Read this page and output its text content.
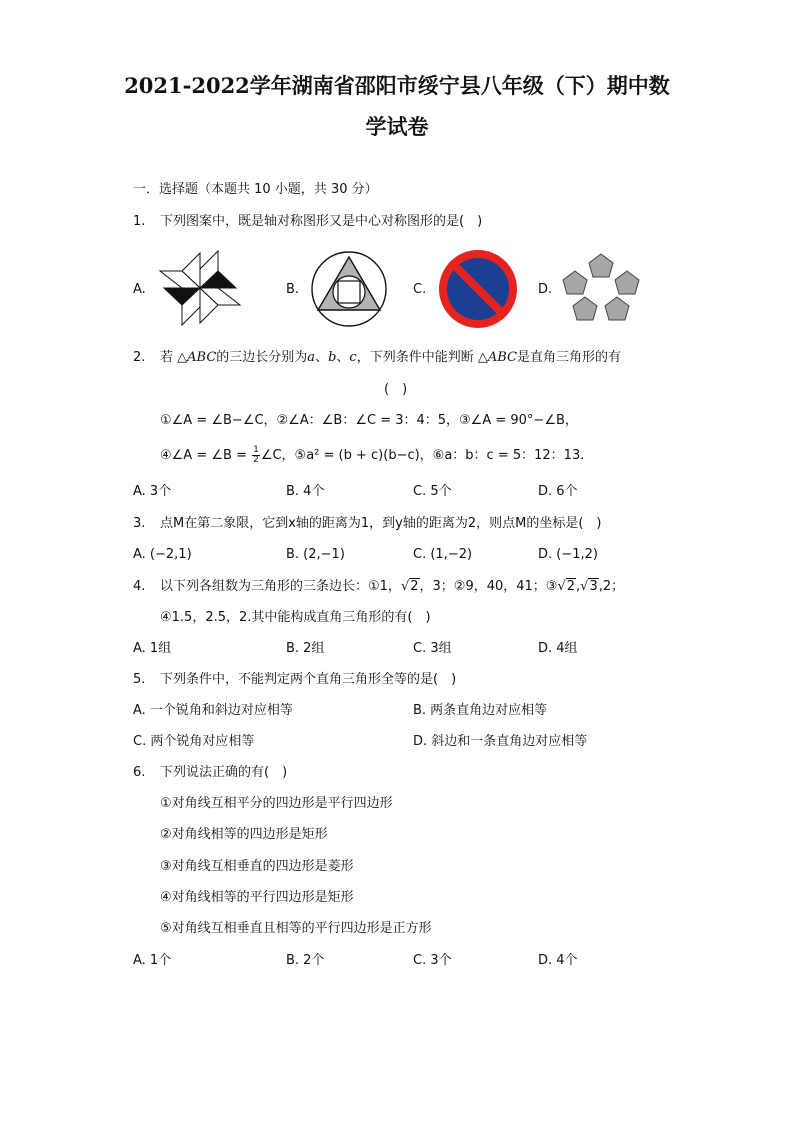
2021-2022学年湖南省邵阳市绥宁县八年级（下）期中数
学试卷
一．选择题（本题共 10 小题，共 30 分）
1. 下列图案中，既是轴对称图形又是中心对称图形的是(　)
A.	B.	C.	D.
2. 若 △ABC的三边长分别为a、b、c，下列条件中能判断 △ABC是直角三角形的有
(　)
①∠A = ∠B−∠C，②∠A：∠B：∠C = 3：4：5，③∠A = 90°−∠B，
④∠A = ∠B = $\frac{1}{2}$ ∠C，⑤a² = (b + c)(b−c)，⑥a：b：c = 5：12：13.
A. 3个	B. 4个	C. 5个	D. 6个
3. 点M在第二象限，它到x轴的距离为1，到y轴的距离为2，则点M的坐标是(　)
A. (−2,1)	B. (2,−1)	C. (1,−2)	D. (−1,2)
4. 以下列各组数为三角形的三条边长：①1，√2，3；②9，40，41；③√2,√3,2；
④1.5，2.5，2.其中能构成直角三角形的有(　)
A. 1组	B. 2组	C. 3组	D. 4组
5. 下列条件中，不能判定两个直角三角形全等的是(　)
A. 一个锐角和斜边对应相等	B. 两条直角边对应相等
C. 两个锐角对应相等	D. 斜边和一条直角边对应相等
6. 下列说法正确的有(　)
①对角线互相平分的四边形是平行四边形
②对角线相等的四边形是矩形
③对角线互相垂直的四边形是菱形
④对角线相等的平行四边形是矩形
⑤对角线互相垂直且相等的平行四边形是正方形
A. 1个	B. 2个	C. 3个	D. 4个
